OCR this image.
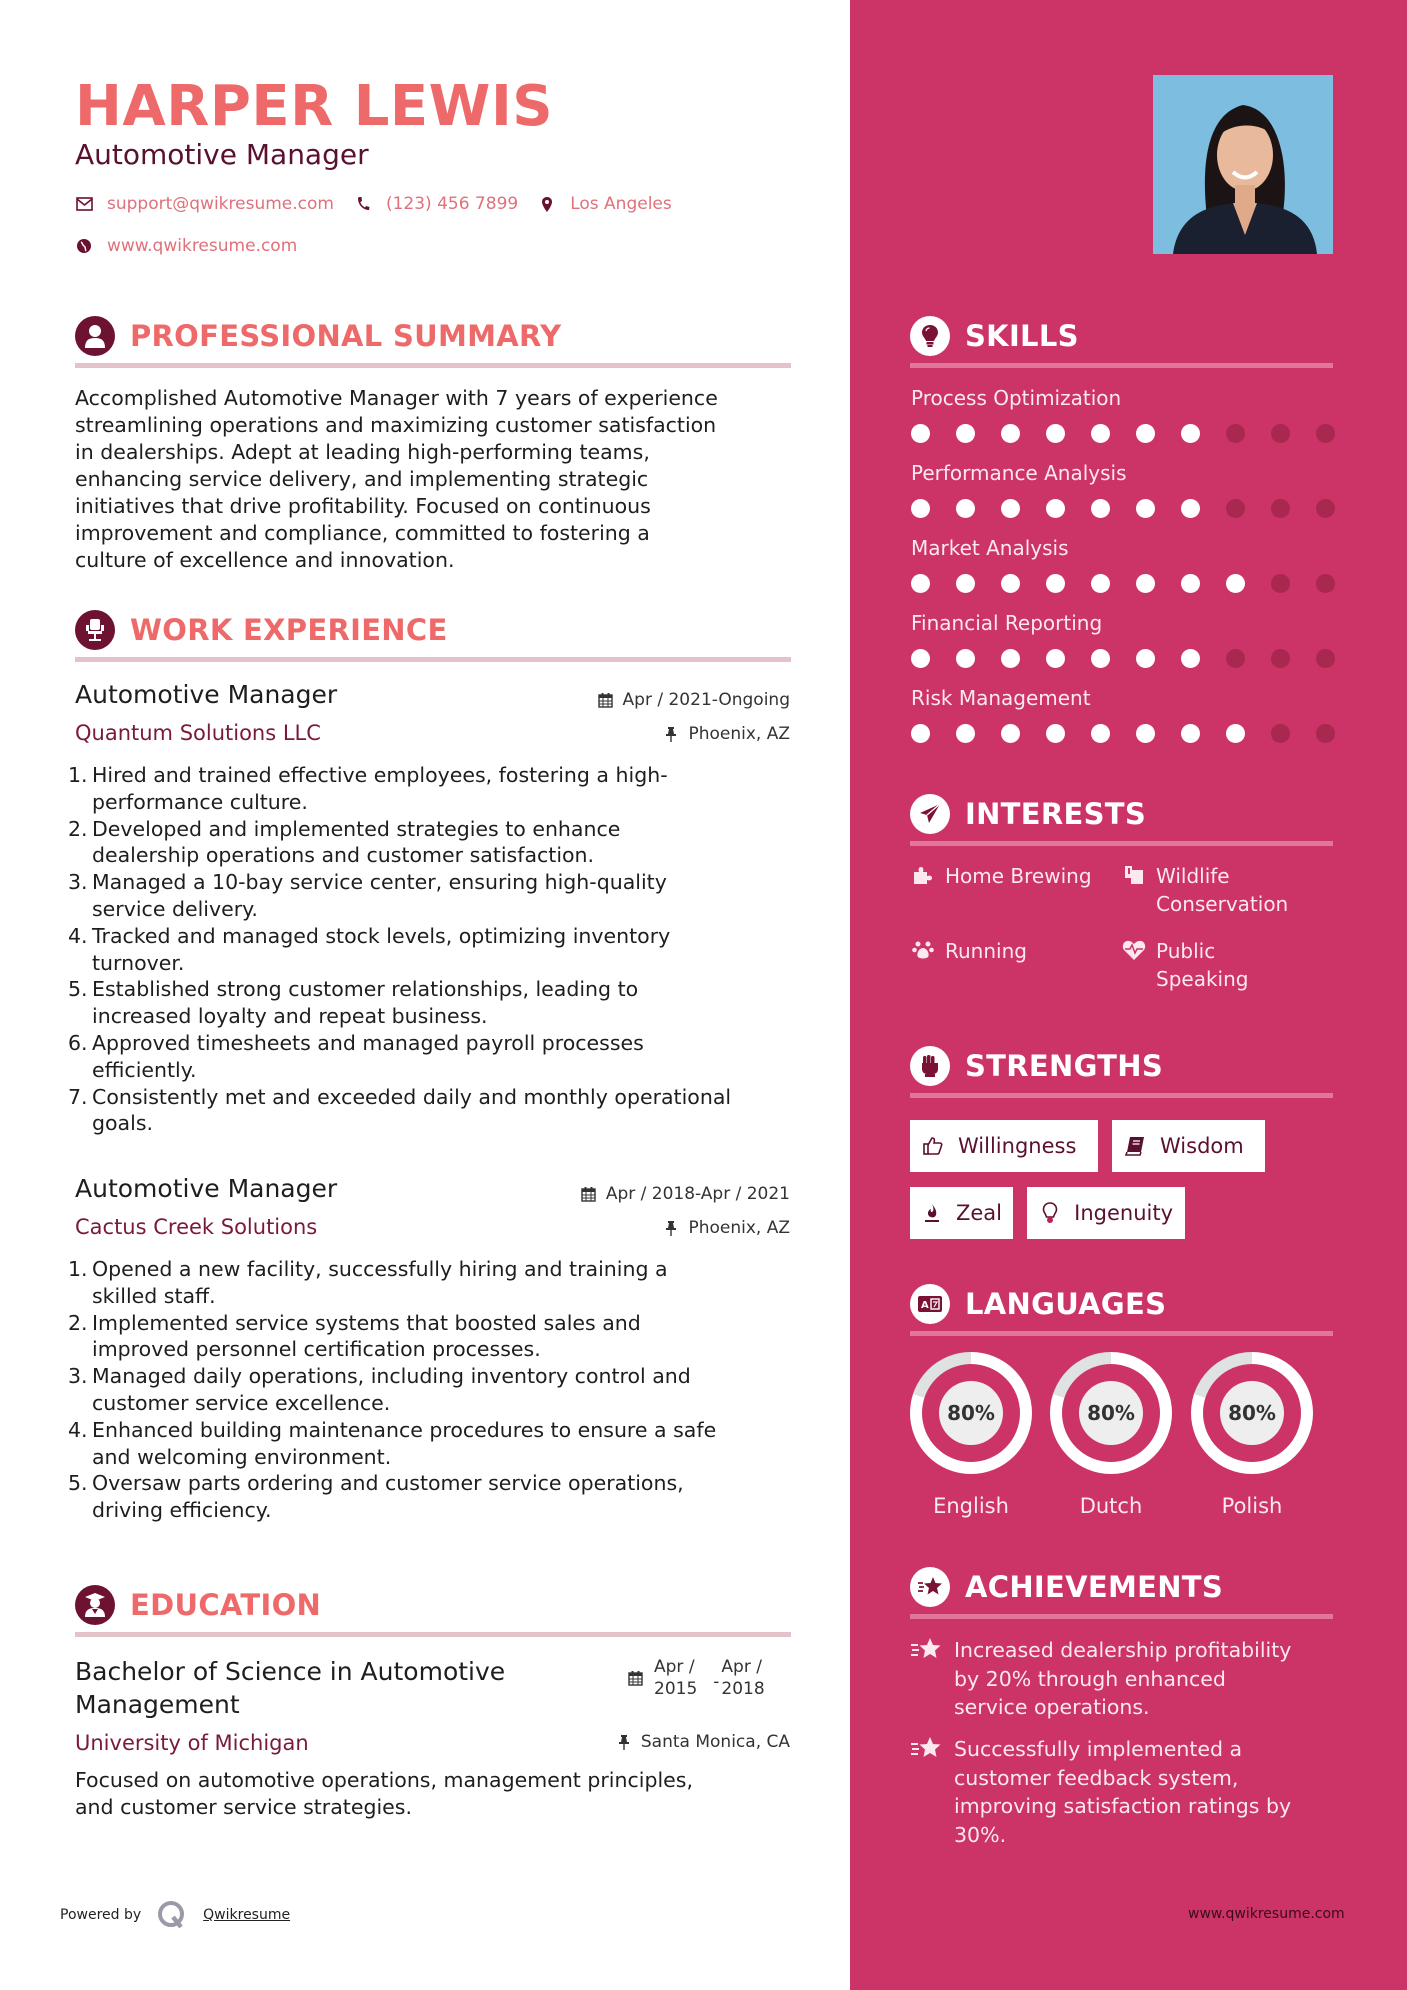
HARPER LEWIS
Automotive Manager
support@qwikresume.com	(123) 456 7899	Los Angeles
www.qwikresume.com
PROFESSIONAL SUMMARY
Accomplished Automotive Manager with 7 years of experience
streamlining operations and maximizing customer satisfaction
in dealerships. Adept at leading high-performing teams,
enhancing service delivery, and implementing strategic
initiatives that drive profitability. Focused on continuous
improvement and compliance, committed to fostering a
culture of excellence and innovation.
WORK EXPERIENCE
Automotive Manager	Apr / 2021-Ongoing
Quantum Solutions LLC	Phoenix, AZ
1. Hired and trained effective employees, fostering a high-
performance culture.
2. Developed and implemented strategies to enhance
dealership operations and customer satisfaction.
3. Managed a 10-bay service center, ensuring high-quality
service delivery.
4. Tracked and managed stock levels, optimizing inventory
turnover.
5. Established strong customer relationships, leading to
increased loyalty and repeat business.
6. Approved timesheets and managed payroll processes
efficiently.
7. Consistently met and exceeded daily and monthly operational
goals.
Automotive Manager	Apr / 2018-Apr / 2021
Cactus Creek Solutions	Phoenix, AZ
1. Opened a new facility, successfully hiring and training a
skilled staff.
2. Implemented service systems that boosted sales and
improved personnel certification processes.
3. Managed daily operations, including inventory control and
customer service excellence.
4. Enhanced building maintenance procedures to ensure a safe
and welcoming environment.
5. Oversaw parts ordering and customer service operations,
driving efficiency.
EDUCATION
Bachelor of Science in Automotive
Management
Apr /
2015 -
Apr /
2018
University of Michigan	Santa Monica, CA
Focused on automotive operations, management principles,
and customer service strategies.
Powered by	Qwikresume
SKILLS
Process Optimization
Performance Analysis
Market Analysis
Financial Reporting
Risk Management
INTERESTS
Home Brewing	Wildlife
Conservation
Running	Public
Speaking
STRENGTHS
Willingness	Wisdom
Zeal	Ingenuity
A LANGUAGES
80%
English
80%
Dutch
80%
Polish
ACHIEVEMENTS
Increased dealership profitability
by 20% through enhanced
service operations.
Successfully implemented a
customer feedback system,
improving satisfaction ratings by
30%.
www.qwikresume.com
